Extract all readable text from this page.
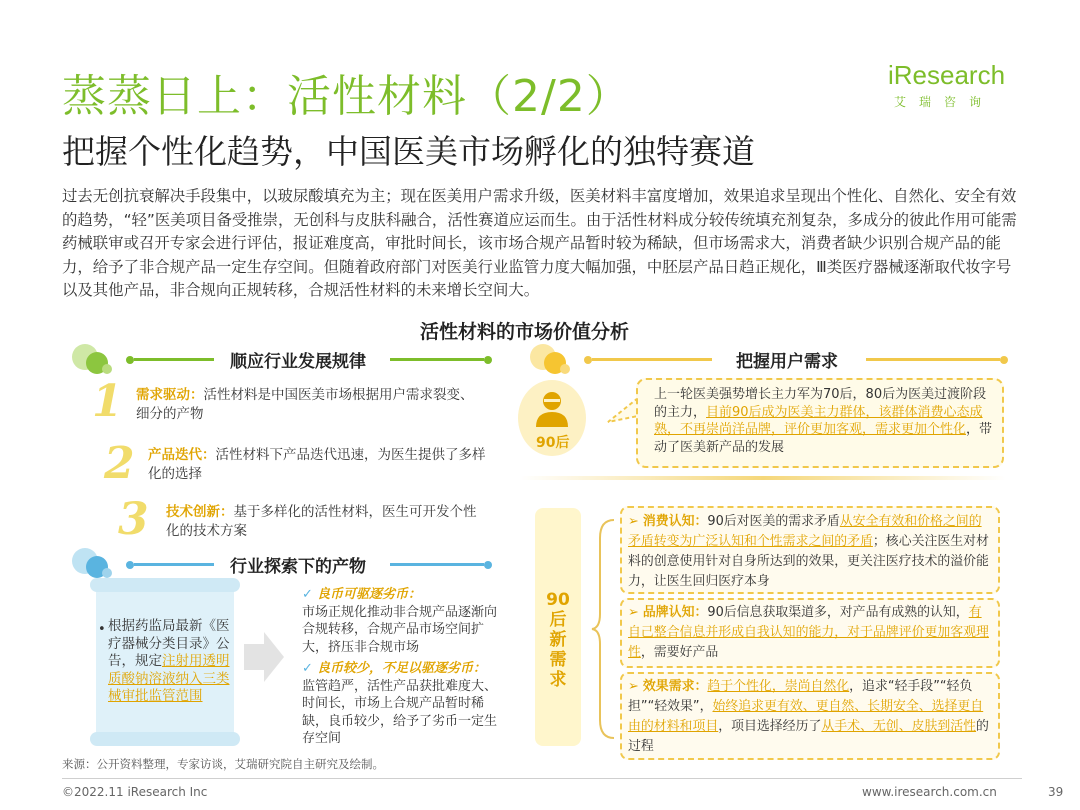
蒸蒸日上：活性材料（2/2）
把握个性化趋势，中国医美市场孵化的独特赛道
iResearch
艾瑞咨询
过去无创抗衰解决手段集中，以玻尿酸填充为主；现在医美用户需求升级，医美材料丰富度增加，效果追求呈现出个性化、自然化、安全有效的趋势，“轻”医美项目备受推崇，无创科与皮肤科融合，活性赛道应运而生。由于活性材料成分较传统填充剂复杂，多成分的彼此作用可能需药械联审或召开专家会进行评估，报证难度高，审批时间长，该市场合规产品暂时较为稀缺，但市场需求大，消费者缺少识别合规产品的能力，给予了非合规产品一定生存空间。但随着政府部门对医美行业监管力度大幅加强，中胚层产品日趋正规化，Ⅲ类医疗器械逐渐取代妆字号以及其他产品，非合规向正规转移，合规活性材料的未来增长空间大。
活性材料的市场价值分析
顺应行业发展规律
1 需求驱动：活性材料是中国医美市场根据用户需求裂变、细分的产物
2 产品迭代：活性材料下产品迭代迅速，为医生提供了多样化的选择
3 技术创新：基于多样化的活性材料，医生可开发个性化的技术方案
行业探索下的产物
• 根据药监局最新《医疗器械分类目录》公告，规定注射用透明质酸钠溶液纳入三类械审批监管范围
✓ 良币可驱逐劣币：
市场正规化推动非合规产品逐渐向合规转移，合规产品市场空间扩大，挤压非合规市场
✓ 良币较少，不足以驱逐劣币：
监管趋严，活性产品获批难度大、时间长，市场上合规产品暂时稀缺，良币较少，给予了劣币一定生存空间
把握用户需求
90后
上一轮医美强势增长主力军为70后，80后为医美过渡阶段的主力，目前90后成为医美主力群体，该群体消费心态成熟，不再崇尚洋品牌，评价更加客观，需求更加个性化，带动了医美新产品的发展
90后新需求
➢ 消费认知：90后对医美的需求矛盾从安全有效和价格之间的矛盾转变为广泛认知和个性需求之间的矛盾；核心关注医生对材料的创意使用针对自身所达到的效果，更关注医疗技术的溢价能力，让医生回归医疗本身
➢ 品牌认知：90后信息获取渠道多，对产品有成熟的认知，有自己整合信息并形成自我认知的能力，对于品牌评价更加客观理性，需要好产品
➢ 效果需求：趋于个性化，崇尚自然化，追求“轻手段”“轻负担”“轻效果”，始终追求更有效、更自然、长期安全、选择更自由的材料和项目，项目选择经历了从手术、无创、皮肤到活性的过程
来源：公开资料整理，专家访谈，艾瑞研究院自主研究及绘制。
©2022.11 iResearch Inc	www.iresearch.com.cn	39
